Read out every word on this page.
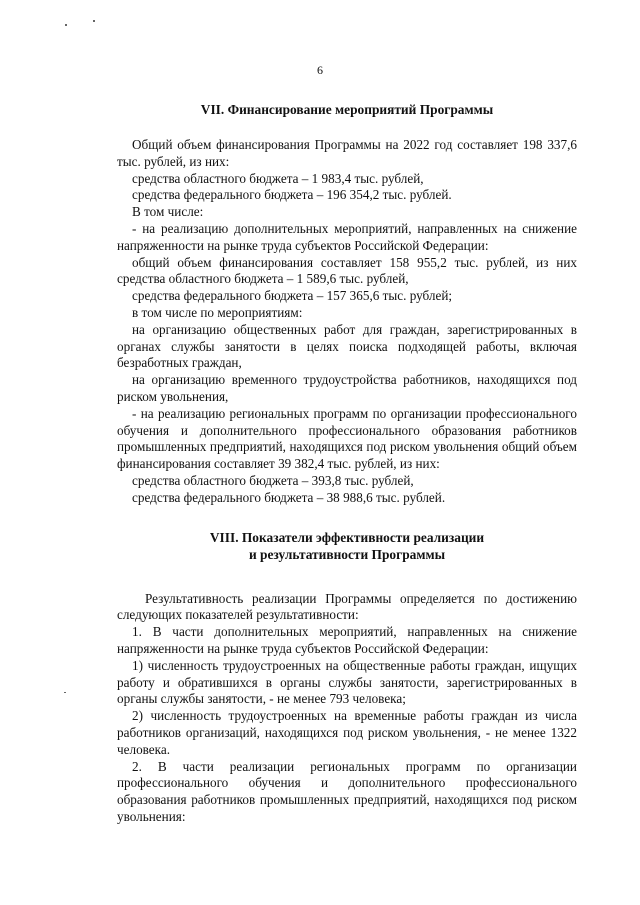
6
VII. Финансирование мероприятий Программы

Общий объем финансирования Программы на 2022 год составляет 198 337,6 тыс. рублей, из них:

средства областного бюджета – 1 983,4 тыс. рублей,

средства федерального бюджета – 196 354,2 тыс. рублей.

В том числе:

- на реализацию дополнительных мероприятий, направленных на снижение напряженности на рынке труда субъектов Российской Федерации:

общий объем финансирования составляет 158 955,2 тыс. рублей, из них средства областного бюджета – 1 589,6 тыс. рублей,

средства федерального бюджета – 157 365,6 тыс. рублей;

в том числе по мероприятиям:

на организацию общественных работ для граждан, зарегистрированных в органах службы занятости в целях поиска подходящей работы, включая безработных граждан,

на организацию временного трудоустройства работников, находящихся под риском увольнения,

- на реализацию региональных программ по организации профессионального обучения и дополнительного профессионального образования работников промышленных предприятий, находящихся под риском увольнения общий объем финансирования составляет 39 382,4 тыс. рублей, из них:

средства областного бюджета – 393,8 тыс. рублей,

средства федерального бюджета – 38 988,6 тыс. рублей.

VIII. Показатели эффективности реализации
и результативности Программы

Результативность реализации Программы определяется по достижению следующих показателей результативности:

1. В части дополнительных мероприятий, направленных на снижение напряженности на рынке труда субъектов Российской Федерации:

1) численность трудоустроенных на общественные работы граждан, ищущих работу и обратившихся в органы службы занятости, зарегистрированных в органы службы занятости, - не менее 793 человека;

2) численность трудоустроенных на временные работы граждан из числа работников организаций, находящихся под риском увольнения, - не менее 1322 человека.

2. В части реализации региональных программ по организации профессионального обучения и дополнительного профессионального образования работников промышленных предприятий, находящихся под риском увольнения:
